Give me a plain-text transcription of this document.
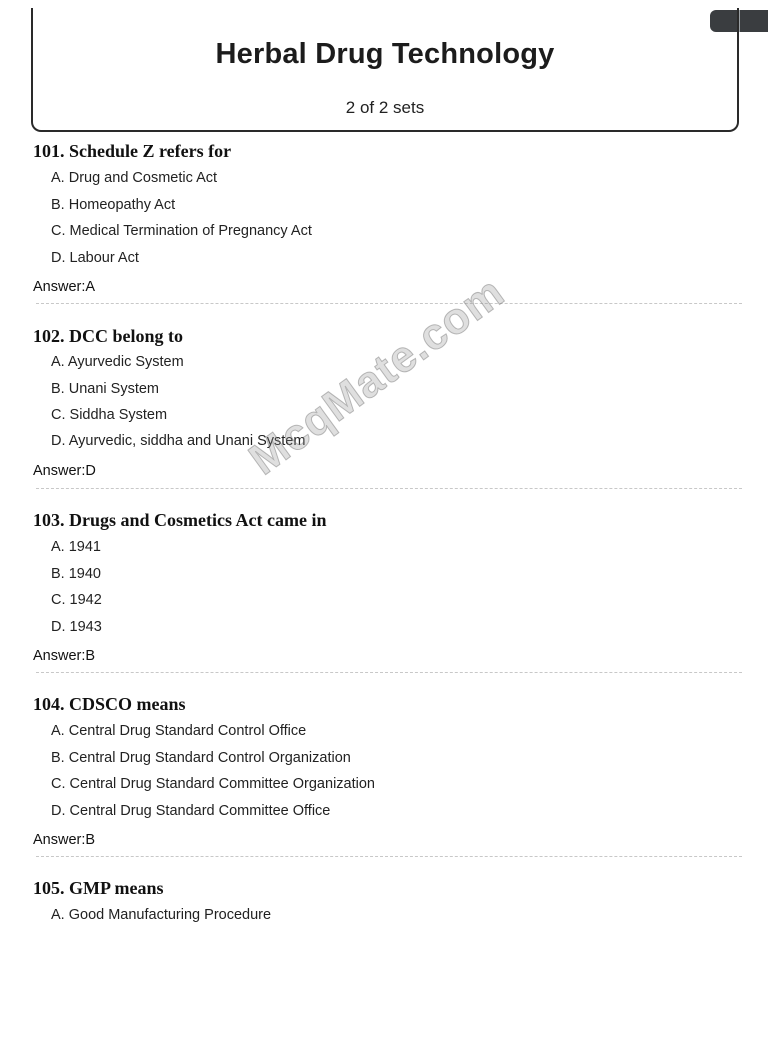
Herbal Drug Technology
2 of 2 sets
101. Schedule Z refers for
A. Drug and Cosmetic Act
B. Homeopathy Act
C. Medical Termination of Pregnancy Act
D. Labour Act
Answer:A
102. DCC belong to
A. Ayurvedic System
B. Unani System
C. Siddha System
D. Ayurvedic, siddha and Unani System
Answer:D
103. Drugs and Cosmetics Act came in
A. 1941
B. 1940
C. 1942
D. 1943
Answer:B
104. CDSCO means
A. Central Drug Standard Control Office
B. Central Drug Standard Control Organization
C. Central Drug Standard Committee Organization
D. Central Drug Standard Committee Office
Answer:B
105. GMP means
A. Good Manufacturing Procedure
McqMate.com
